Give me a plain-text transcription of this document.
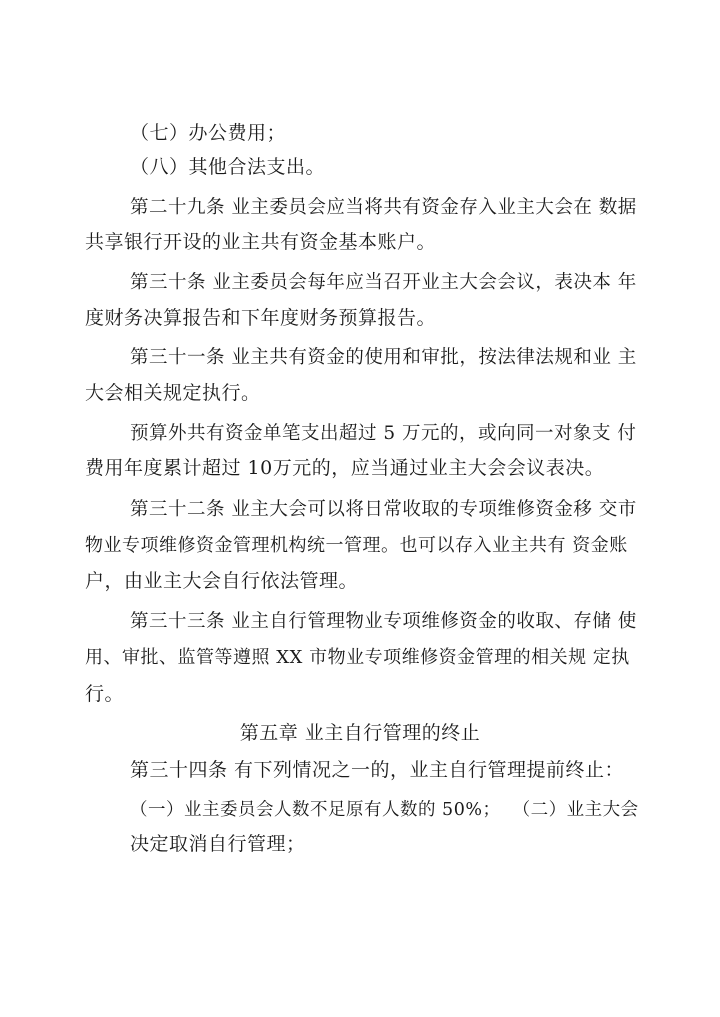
（七）办公费用；
（八）其他合法支出。
第二十九条 业主委员会应当将共有资金存入业主大会在 数据
共享银行开设的业主共有资金基本账户。
第三十条 业主委员会每年应当召开业主大会会议，表决本 年
度财务决算报告和下年度财务预算报告。
第三十一条 业主共有资金的使用和审批，按法律法规和业 主
大会相关规定执行。
预算外共有资金单笔支出超过 5 万元的，或向同一对象支 付
费用年度累计超过 10万元的，应当通过业主大会会议表决。
第三十二条 业主大会可以将日常收取的专项维修资金移 交市
物业专项维修资金管理机构统一管理。也可以存入业主共有 资金账
户，由业主大会自行依法管理。
第三十三条 业主自行管理物业专项维修资金的收取、存储 使
用、审批、监管等遵照 XX 市物业专项维修资金管理的相关规 定执
行。
第五章 业主自行管理的终止
第三十四条 有下列情况之一的，业主自行管理提前终止：
（一）业主委员会人数不足原有人数的 50%；  （二）业主大会
决定取消自行管理；
